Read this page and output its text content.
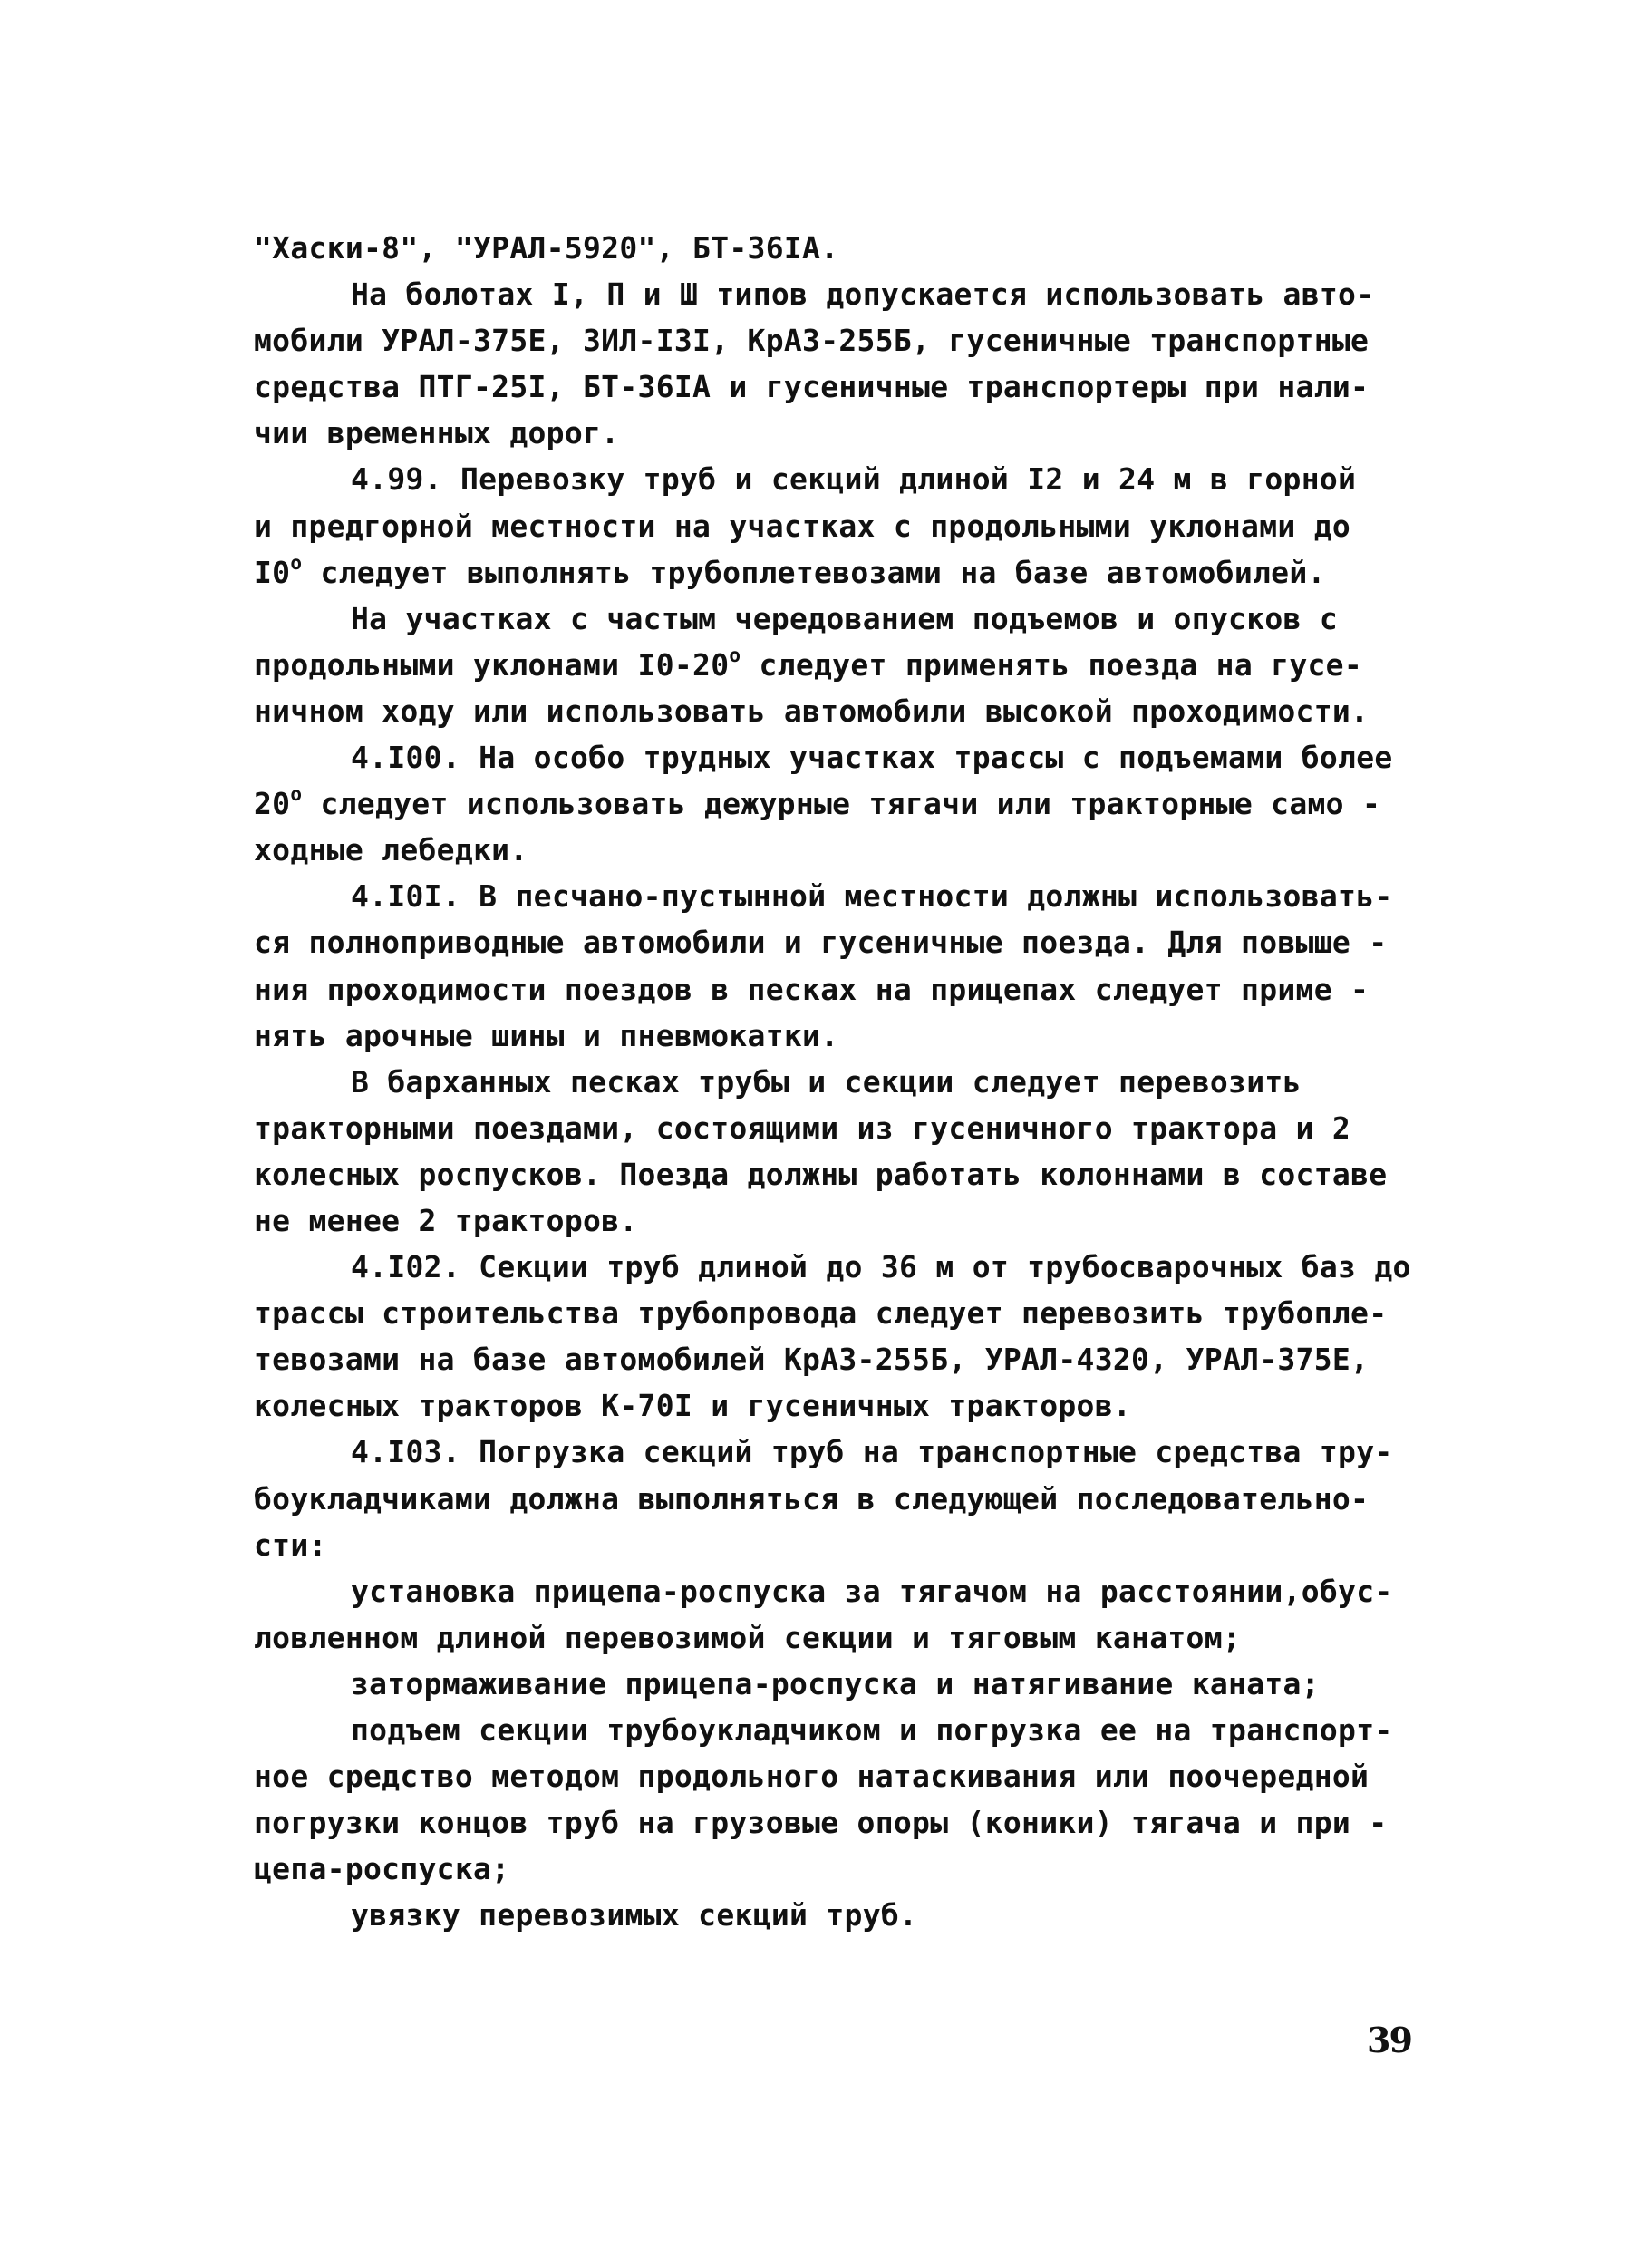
"Хаски-8", "УРАЛ-5920", БТ-36IА.
На болотах I, П и Ш типов допускается использовать авто-
мобили УРАЛ-375Е, ЗИЛ-I3I, КрАЗ-255Б, гусеничные транспортные
средства ПТГ-25I, БТ-36IА и гусеничные транспортеры при нали-
чии временных дорог.
4.99. Перевозку труб и секций длиной I2 и 24 м в горной
и предгорной местности на участках с продольными уклонами до
$I0^о$ следует выполнять трубоплетевозами на базе автомобилей.
На участках с частым чередованием подъемов и опусков с
продольными уклонами $I0-20^о$ следует применять поезда на гусе-
ничном ходу или использовать автомобили высокой проходимости.
4.I00. На особо трудных участках трассы с подъемами более
$20^о$ следует использовать дежурные тягачи или тракторные само -
ходные лебедки.
4.I0I. В песчано-пустынной местности должны использовать-
ся полноприводные автомобили и гусеничные поезда. Для повыше -
ния проходимости поездов в песках на прицепах следует приме -
нять арочные шины и пневмокатки.
В барханных песках трубы и секции следует перевозить
тракторными поездами, состоящими из гусеничного трактора и 2
колесных роспусков. Поезда должны работать колоннами в составе
не менее 2 тракторов.
4.I02. Секции труб длиной до 36 м от трубосварочных баз до
трассы строительства трубопровода следует перевозить трубопле-
тевозами на базе автомобилей КрАЗ-255Б, УРАЛ-4320, УРАЛ-375Е,
колесных тракторов К-70I и гусеничных тракторов.
4.I03. Погрузка секций труб на транспортные средства тру-
боукладчиками должна выполняться в следующей последовательно-
сти:
установка прицепа-роспуска за тягачом на расстоянии,обус-
ловленном длиной перевозимой секции и тяговым канатом;
затормаживание прицепа-роспуска и натягивание каната;
подъем секции трубоукладчиком и погрузка ее на транспорт-
ное средство методом продольного натаскивания или поочередной
погрузки концов труб на грузовые опоры (коники) тягача и при -
цепа-роспуска;
увязку перевозимых секций труб.
39
